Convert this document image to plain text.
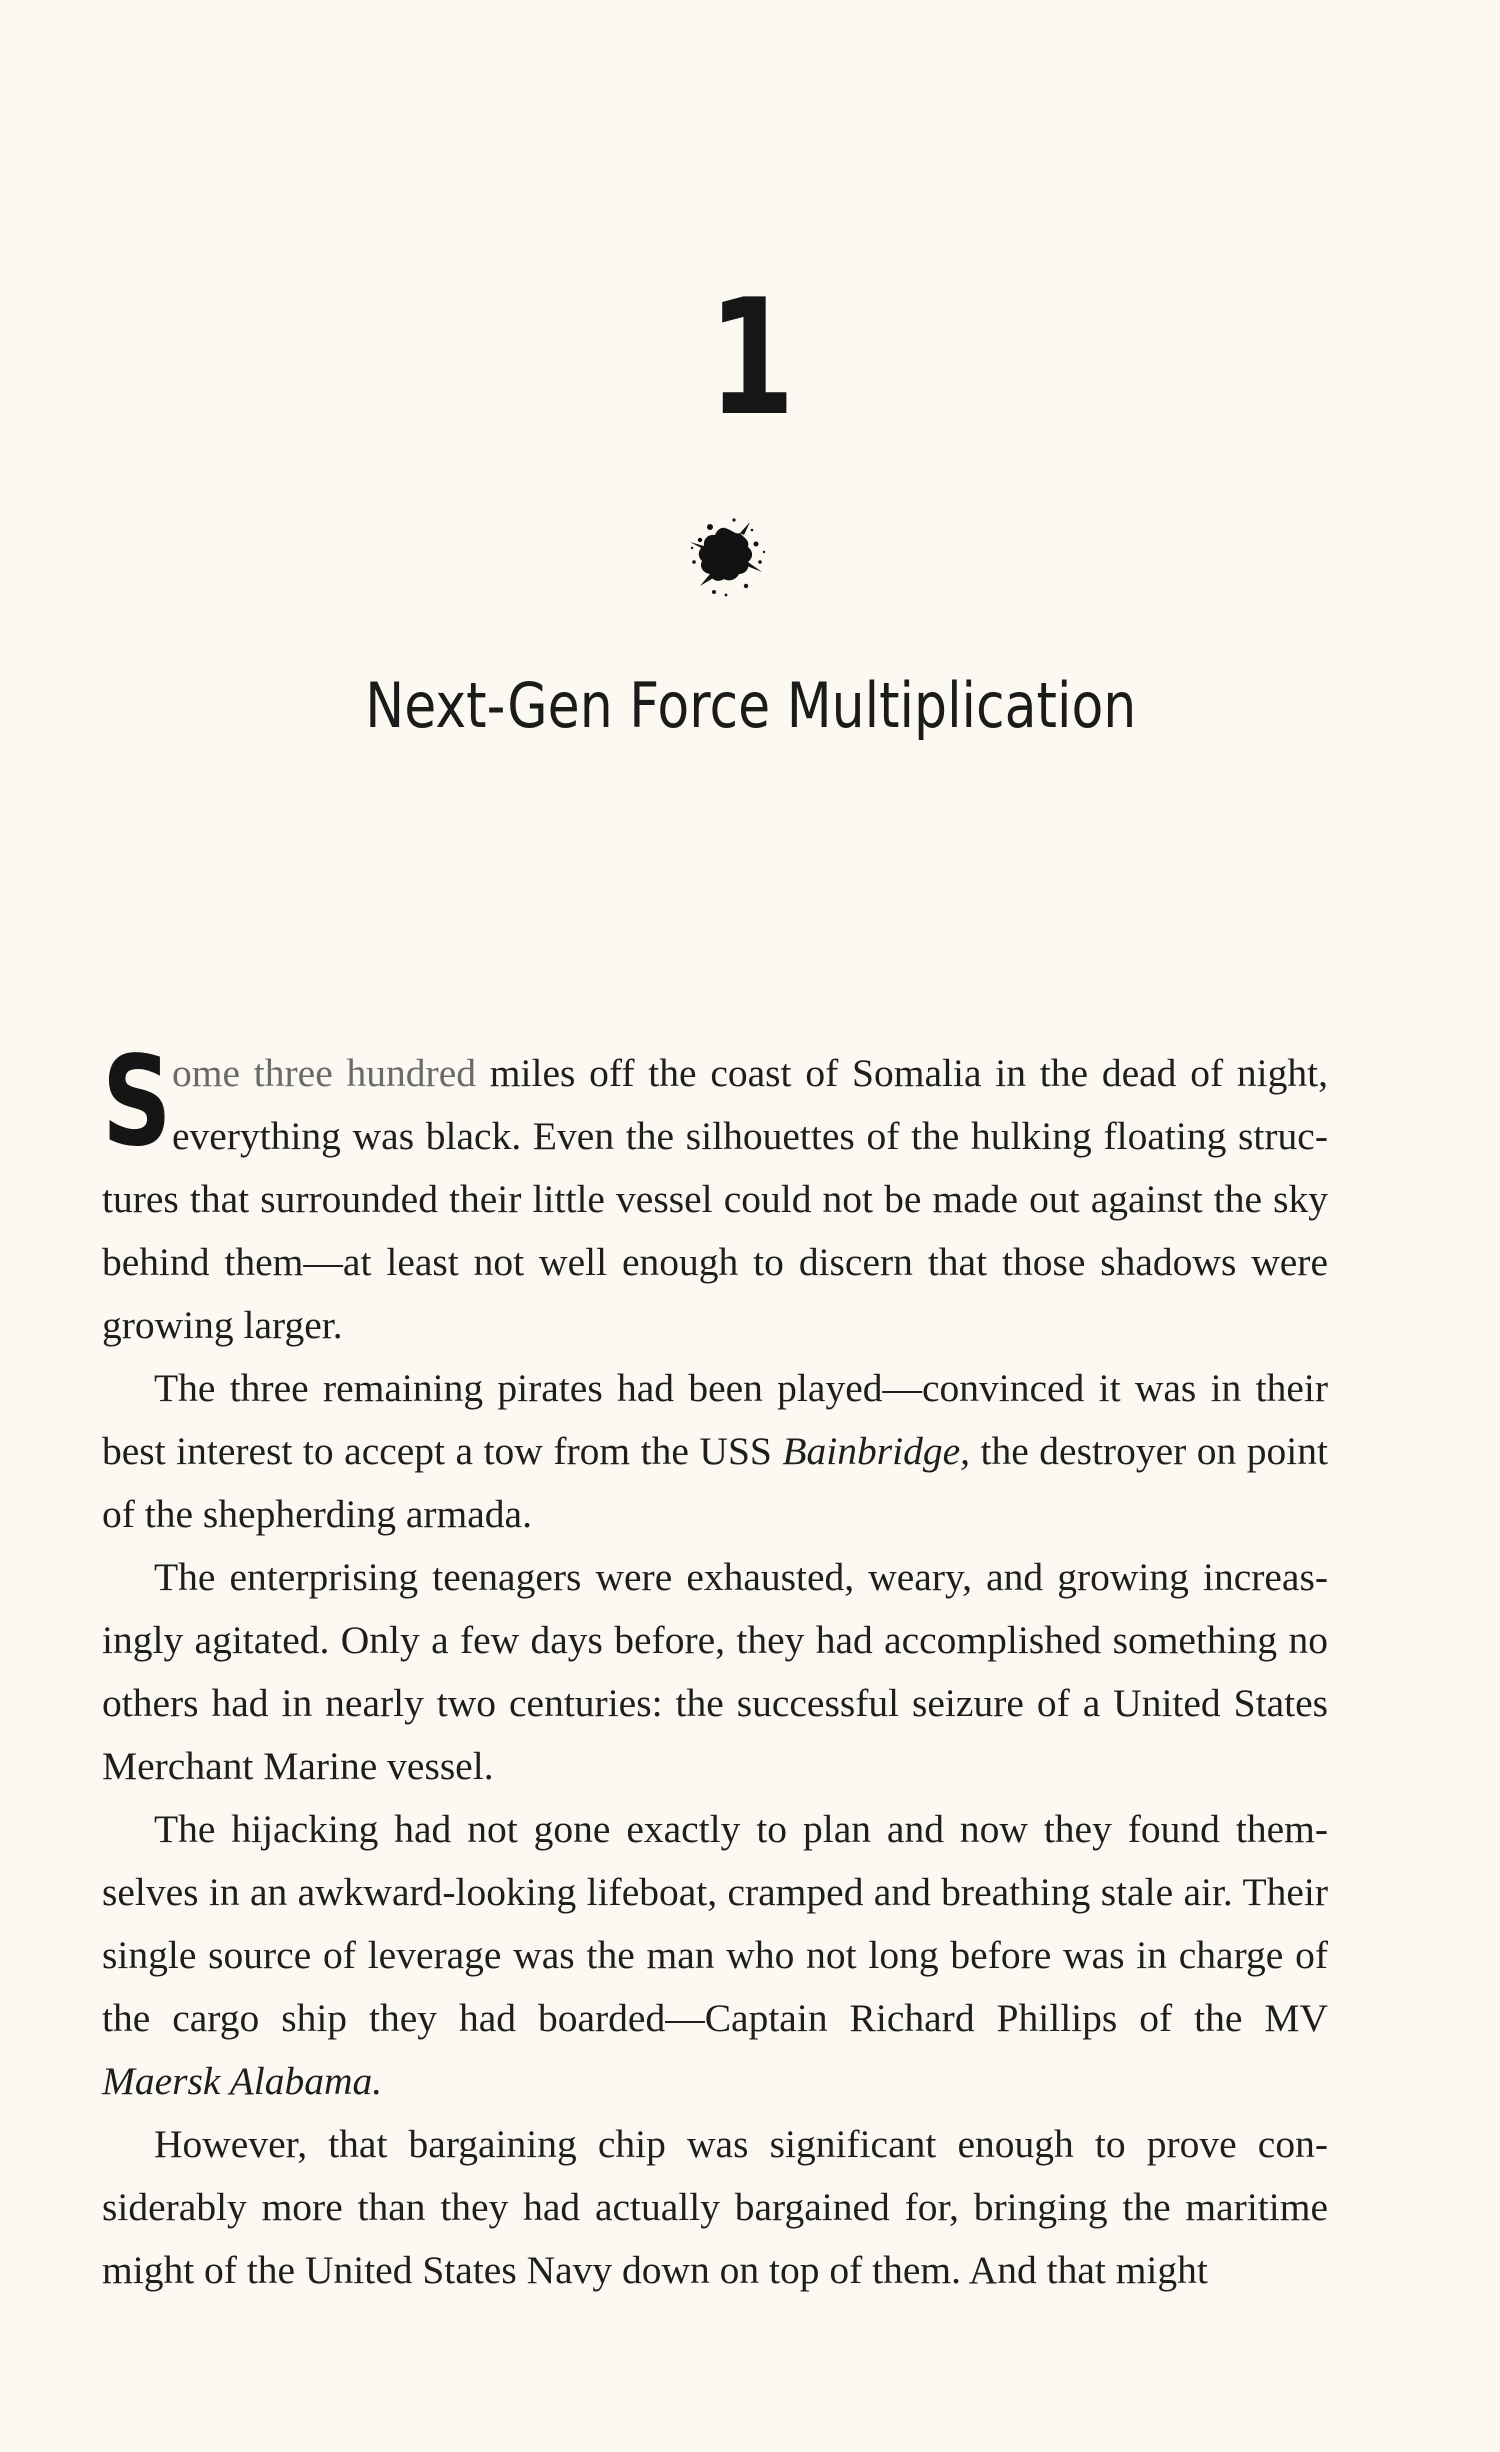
1
Next-Gen Force Multiplication

Some three hundred miles off the coast of Somalia in the dead of night, everything was black. Even the silhouettes of the hulking floating structures that surrounded their little vessel could not be made out against the sky behind them—at least not well enough to discern that those shadows were growing larger.

The three remaining pirates had been played—convinced it was in their best interest to accept a tow from the USS Bainbridge, the destroyer on point of the shepherding armada.

The enterprising teenagers were exhausted, weary, and growing increasingly agitated. Only a few days before, they had accomplished something no others had in nearly two centuries: the successful seizure of a United States Merchant Marine vessel.

The hijacking had not gone exactly to plan and now they found themselves in an awkward-looking lifeboat, cramped and breathing stale air. Their single source of leverage was the man who not long before was in charge of the cargo ship they had boarded—Captain Richard Phillips of the MV Maersk Alabama.

However, that bargaining chip was significant enough to prove considerably more than they had actually bargained for, bringing the maritime might of the United States Navy down on top of them. And that might
